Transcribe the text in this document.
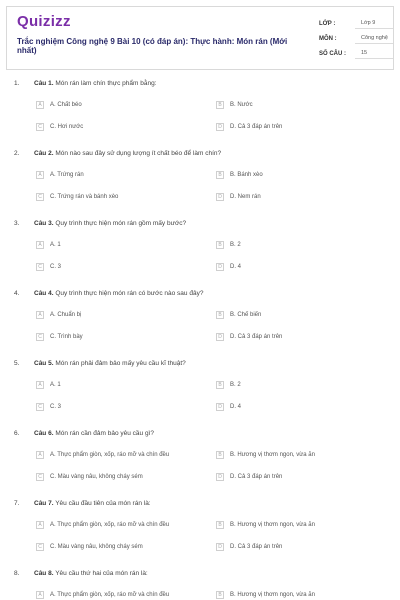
Quizizz
Trắc nghiệm Công nghệ 9 Bài 10 (có đáp án): Thực hành: Món rán (Mới nhất)
LỚP :	Lớp 9
MÔN :	Công nghệ
SỐ CÂU :	15
1. Câu 1. Món rán làm chín thực phẩm bằng:
A	A. Chất béo	B	B. Nước
C	C. Hơi nước	D	D. Cả 3 đáp án trên
2. Câu 2. Món nào sau đây sử dụng lượng ít chất béo để làm chín?
A	A. Trứng rán	B	B. Bánh xèo
C	C. Trứng rán và bánh xèo	D	D. Nem rán
3. Câu 3. Quy trình thực hiện món rán gồm mấy bước?
A	A. 1	B	B. 2
C	C. 3	D	D. 4
4. Câu 4. Quy trình thực hiện món rán có bước nào sau đây?
A	A. Chuẩn bị	B	B. Chế biến
C	C. Trình bày	D	D. Cả 3 đáp án trên
5. Câu 5. Món rán phải đảm bảo mấy yêu cầu kĩ thuật?
A	A. 1	B	B. 2
C	C. 3	D	D. 4
6. Câu 6. Món rán cần đảm bảo yêu cầu gì?
A	A. Thực phẩm giòn, xốp, ráo mỡ và chín đều	B	B. Hương vị thơm ngon, vừa ăn
C	C. Màu vàng nâu, không cháy sém	D	D. Cả 3 đáp án trên
7. Câu 7. Yêu cầu đầu tiên của món rán là:
A	A. Thực phẩm giòn, xốp, ráo mỡ và chín đều	B	B. Hương vị thơm ngon, vừa ăn
C	C. Màu vàng nâu, không cháy sém	D	D. Cả 3 đáp án trên
8. Câu 8. Yêu cầu thứ hai của món rán là:
A	A. Thực phẩm giòn, xốp, ráo mỡ và chín đều	B	B. Hương vị thơm ngon, vừa ăn
